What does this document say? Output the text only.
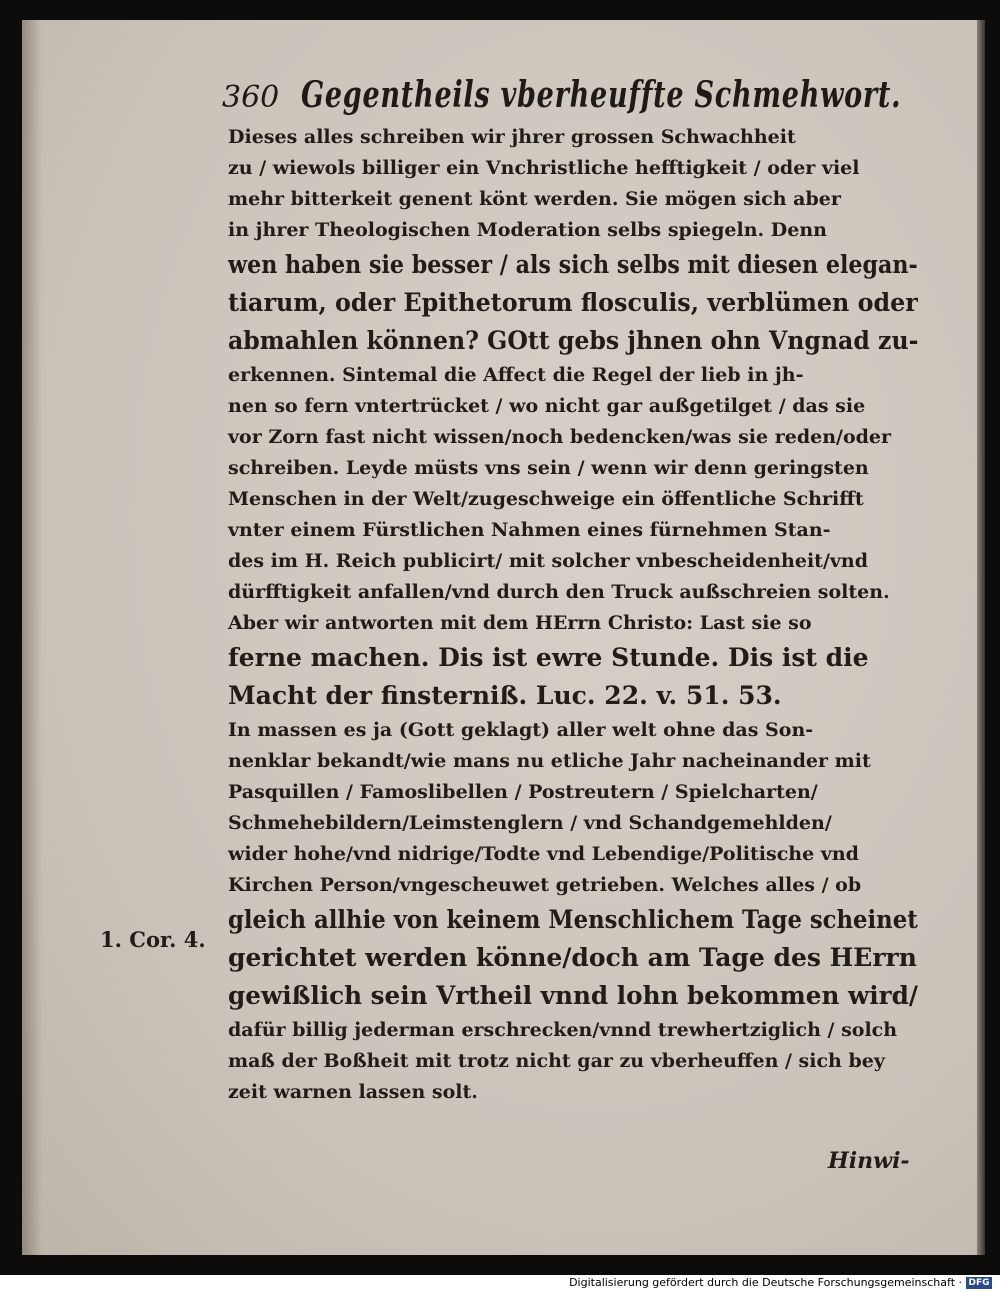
360 Gegentheils vberheuffte Schmehwort.
Dieses alles schreiben wir jhrer grossen Schwachheit
zu / wiewols billiger ein Vnchristliche hefftigkeit / oder viel
mehr bitterkeit genent könt werden. Sie mögen sich aber
in jhrer Theologischen Moderation selbs spiegeln. Denn
wen haben sie besser / als sich selbs mit diesen elegan-
tiarum, oder Epithetorum flosculis, verblümen oder
abmahlen können? GOtt gebs jhnen ohn Vngnad zu-
erkennen. Sintemal die Affect die Regel der lieb in jh-
nen so fern vntertrücket / wo nicht gar außgetilget / das sie
vor Zorn fast nicht wissen/noch bedencken/was sie reden/oder
schreiben. Leyde müsts vns sein / wenn wir denn geringsten
Menschen in der Welt/zugeschweige ein öffentliche Schrifft
vnter einem Fürstlichen Nahmen eines fürnehmen Stan-
des im H. Reich publicirt/ mit solcher vnbescheidenheit/vnd
dürfftigkeit anfallen/vnd durch den Truck außschreien solten.
Aber wir antworten mit dem HErrn Christo: Last sie so
ferne machen. Dis ist ewre Stunde. Dis ist die
Macht der finsterniß. Luc. 22. v. 51. 53.
In massen es ja (Gott geklagt) aller welt ohne das Son-
nenklar bekandt/wie mans nu etliche Jahr nacheinander mit
Pasquillen / Famoslibellen / Postreutern / Spielcharten/
Schmehebildern/Leimstenglern / vnd Schandgemehlden/
wider hohe/vnd nidrige/Todte vnd Lebendige/Politische vnd
Kirchen Person/vngescheuwet getrieben. Welches alles / ob
gleich allhie von keinem Menschlichem Tage scheinet
gerichtet werden könne/doch am Tage des HErrn
gewißlich sein Vrtheil vnnd lohn bekommen wird/
dafür billig jederman erschrecken/vnnd trewhertziglich / solch
maß der Boßheit mit trotz nicht gar zu vberheuffen / sich bey
zeit warnen lassen solt.
1. Cor. 4.
Hinwi-
Digitalisierung gefördert durch die Deutsche Forschungsgemeinschaft · DFG
